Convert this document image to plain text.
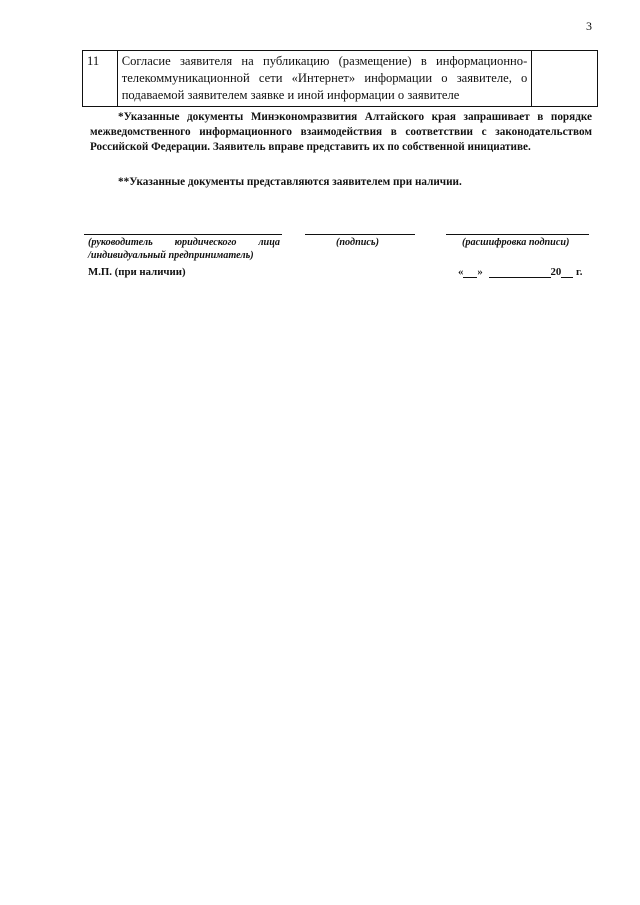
3
11	Согласие заявителя на публикацию (размещение) в информационно-телекоммуникационной сети «Интернет» информации о заявителе, о подаваемой заявителем заявке и иной информации о заявителе	

*Указанные документы Минэкономразвития Алтайского края запрашивает в порядке межведомственного информационного взаимодействия в соответствии с законодательством Российской Федерации. Заявитель вправе представить их по собственной инициативе.

**Указанные документы представляются заявителем при наличии.

(руководитель юридического лица
/индивидуальный предприниматель)
(подпись)	(расшифровка подписи)
М.П. (при наличии)	« »	20 г.
